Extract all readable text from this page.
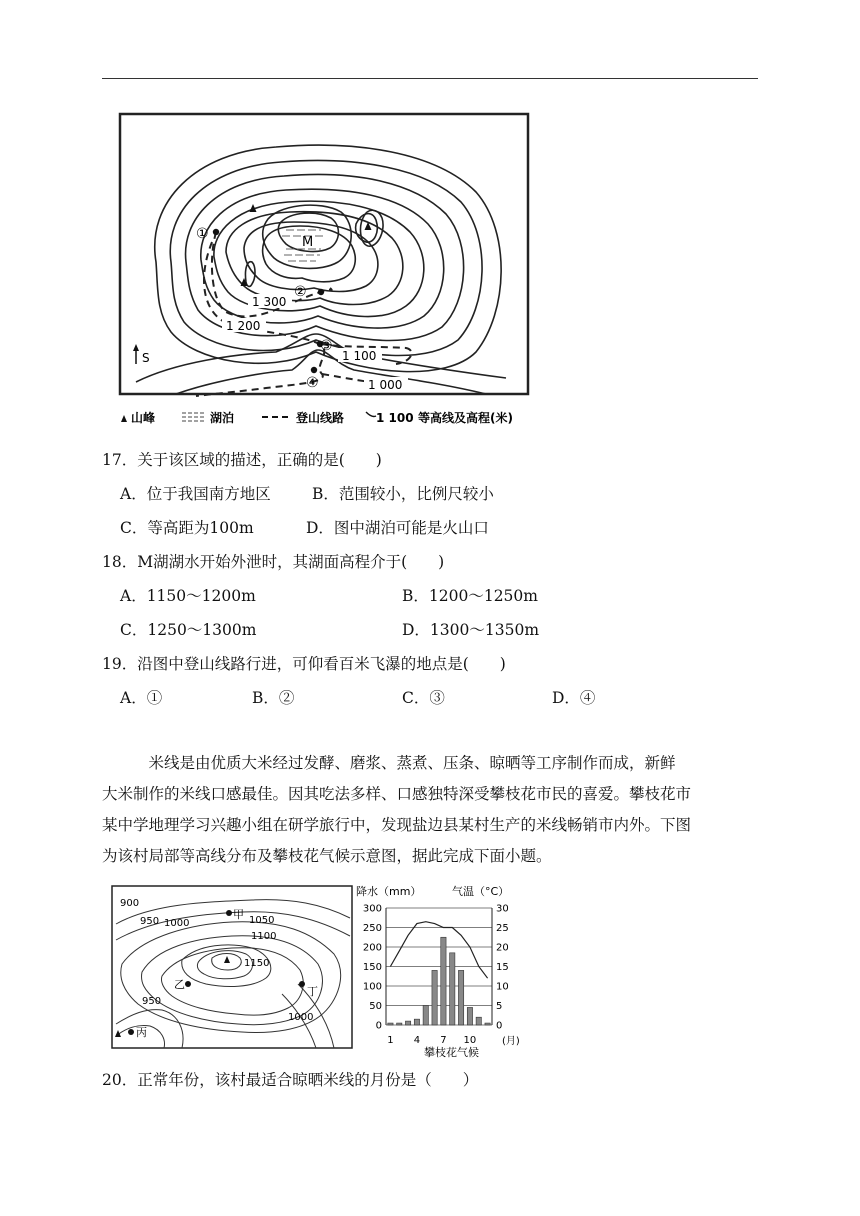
M
①
②
③
④
1 300
1 200
1 100
1 000
S
山峰	湖泊	登山线路	1 100 等高线及高程(米)
17．关于该区域的描述，正确的是(　　)
A．位于我国南方地区	B．范围较小，比例尺较小
C．等高距为100m	D．图中湖泊可能是火山口
18．M湖湖水开始外泄时，其湖面高程介于(　　)
A．1150～1200m	B．1200～1250m
C．1250～1300m	D．1300～1350m
19．沿图中登山线路行进，可仰看百米飞瀑的地点是(　　)
A．①	B．②	C．③	D．④
　　　米线是由优质大米经过发酵、磨浆、蒸煮、压条、晾晒等工序制作而成，新鲜
大米制作的米线口感最佳。因其吃法多样、口感独特深受攀枝花市民的喜爱。攀枝花市
某中学地理学习兴趣小组在研学旅行中，发现盐边县某村生产的米线畅销市内外。下图
为该村局部等高线分布及攀枝花气候示意图，据此完成下面小题。
900
950 1000	1050
1100
1150
950
1000
甲
乙
丙
丁
降水（mm）	气温（°C）
攀枝花气候
(月)
0
50
100
150
200
250
300
0
5
10
15
20
25
30
1 4 7 10
20．正常年份，该村最适合晾晒米线的月份是（　　）
